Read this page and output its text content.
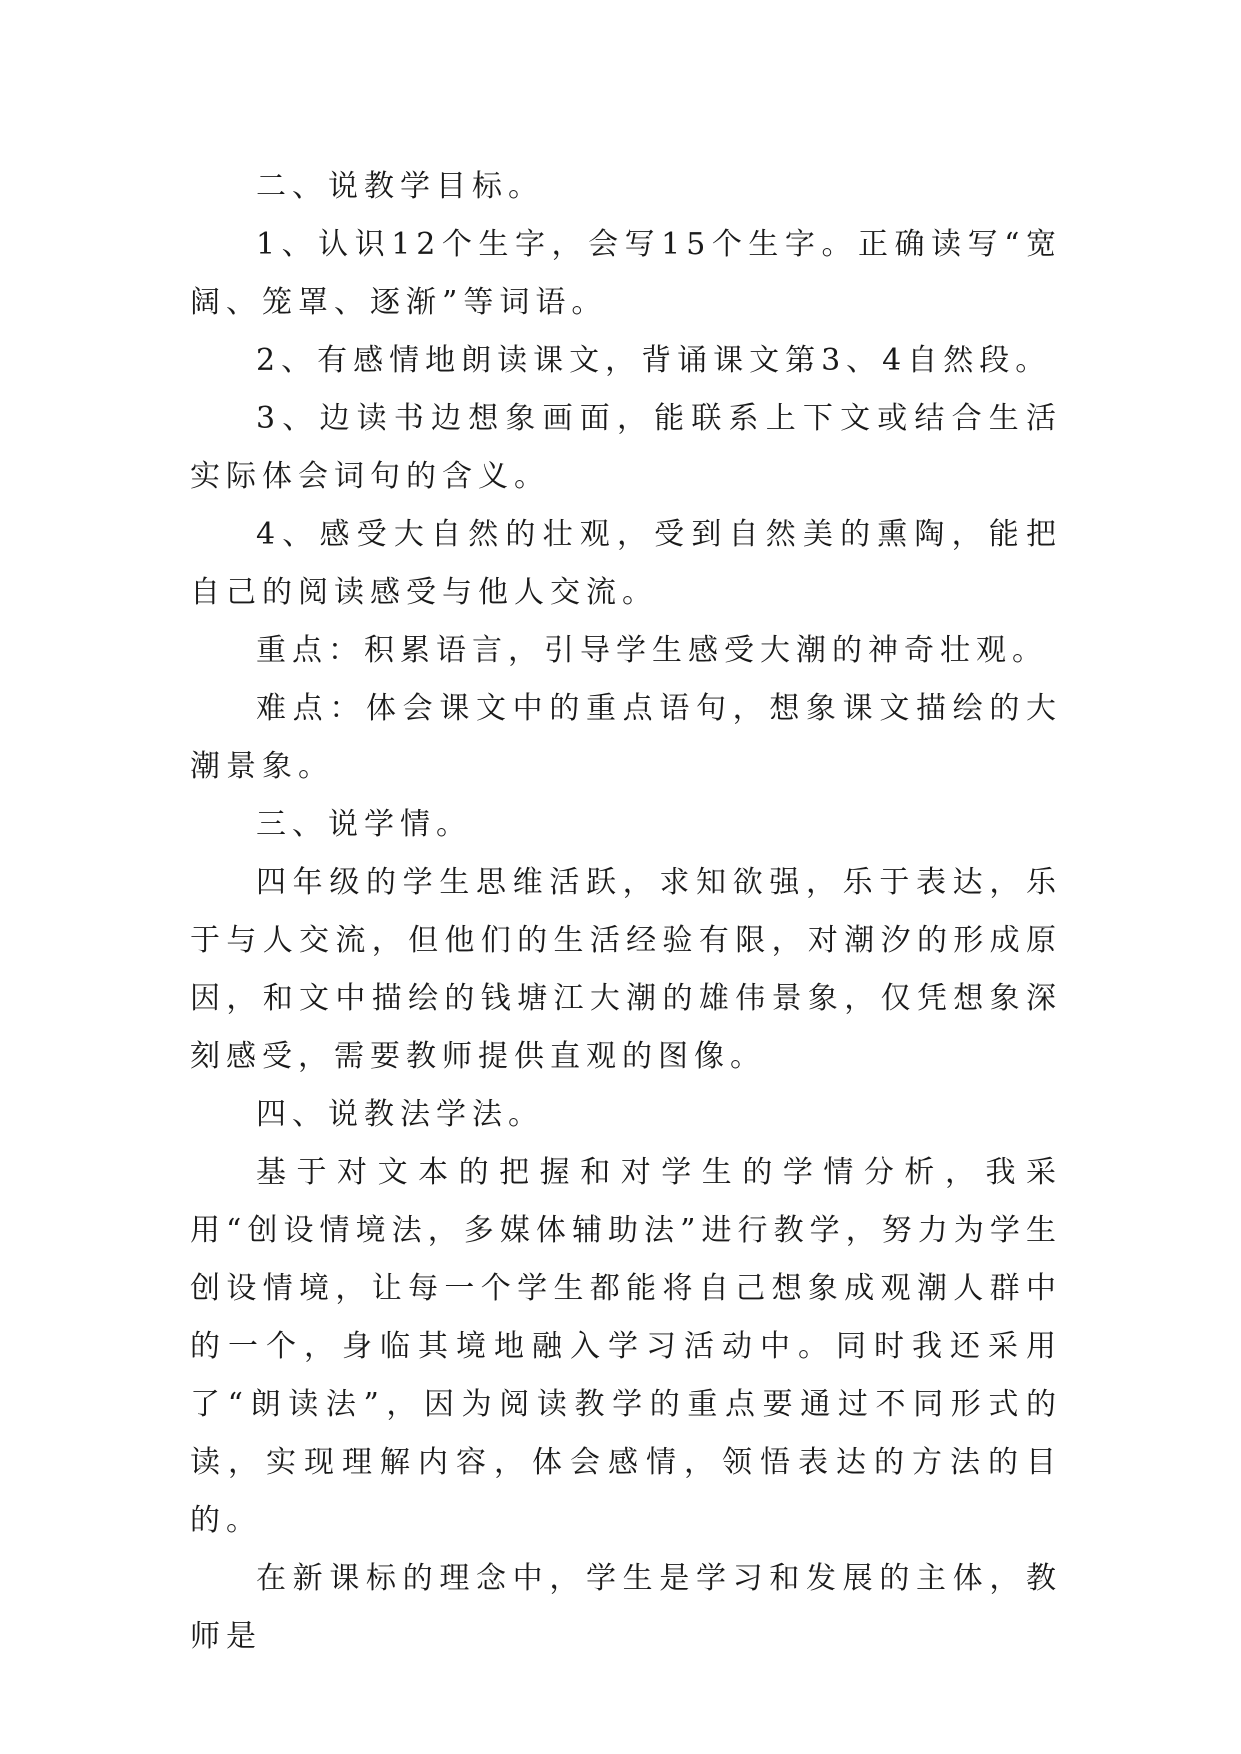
二、说教学目标。

1、认识12个生字，会写15个生字。正确读写“宽阔、笼罩、逐渐”等词语。

2、有感情地朗读课文，背诵课文第3、4自然段。

3、边读书边想象画面，能联系上下文或结合生活实际体会词句的含义。

4、感受大自然的壮观，受到自然美的熏陶，能把自己的阅读感受与他人交流。

重点：积累语言，引导学生感受大潮的神奇壮观。

难点：体会课文中的重点语句，想象课文描绘的大潮景象。

三、说学情。

四年级的学生思维活跃，求知欲强，乐于表达，乐于与人交流，但他们的生活经验有限，对潮汐的形成原因，和文中描绘的钱塘江大潮的雄伟景象，仅凭想象深刻感受，需要教师提供直观的图像。

四、说教法学法。

基于对文本的把握和对学生的学情分析，我采用“创设情境法，多媒体辅助法”进行教学，努力为学生创设情境，让每一个学生都能将自己想象成观潮人群中的一个，身临其境地融入学习活动中。同时我还采用了“朗读法”，因为阅读教学的重点要通过不同形式的读，实现理解内容，体会感情，领悟表达的方法的目的。

在新课标的理念中，学生是学习和发展的主体，教师是
